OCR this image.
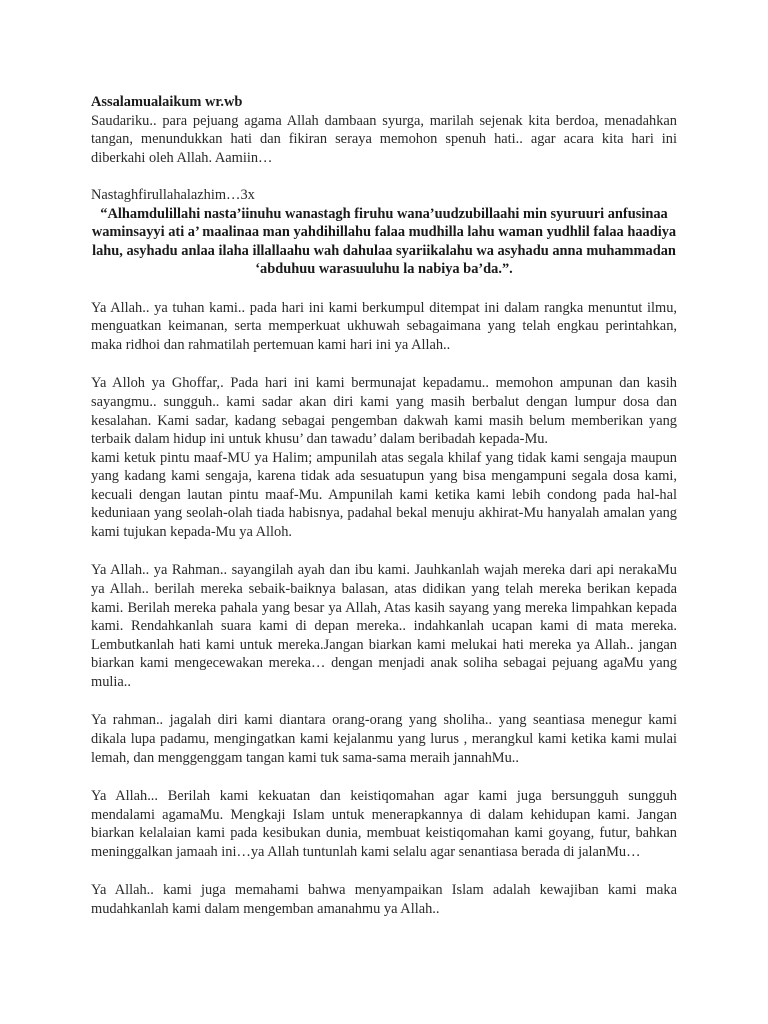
Assalamualaikum wr.wb

Saudariku.. para pejuang agama Allah dambaan syurga, marilah sejenak kita berdoa, menadahkan tangan, menundukkan hati dan fikiran seraya memohon spenuh hati.. agar acara kita hari ini diberkahi oleh Allah. Aamiin…

Nastaghfirullahalazhim…3x

“Alhamdulillahi nasta’iinuhu wanastagh firuhu wana’uudzubillaahi min syuruuri anfusinaa waminsayyi ati a’ maalinaa man yahdihillahu falaa mudhilla lahu waman yudhlil falaa haadiya lahu, asyhadu anlaa ilaha illallaahu wah dahulaa syariikalahu wa asyhadu anna muhammadan ‘abduhuu warasuuluhu la nabiya ba’da.”.

Ya Allah.. ya tuhan kami.. pada hari ini kami berkumpul ditempat ini dalam rangka menuntut ilmu, menguatkan keimanan, serta memperkuat ukhuwah sebagaimana yang telah engkau perintahkan, maka ridhoi dan rahmatilah pertemuan kami hari ini ya Allah..

Ya Alloh ya Ghoffar,. Pada hari ini kami bermunajat kepadamu.. memohon ampunan dan kasih sayangmu.. sungguh.. kami sadar akan diri kami yang masih berbalut dengan lumpur dosa dan kesalahan. Kami sadar, kadang sebagai pengemban dakwah kami masih belum memberikan yang terbaik dalam hidup ini untuk khusu’ dan tawadu’ dalam beribadah kepada-Mu.

kami ketuk pintu maaf-MU ya Halim; ampunilah atas segala khilaf yang tidak kami sengaja maupun yang kadang kami sengaja, karena tidak ada sesuatupun yang bisa mengampuni segala dosa kami, kecuali dengan lautan pintu maaf-Mu. Ampunilah kami ketika kami lebih condong pada hal-hal keduniaan yang seolah-olah tiada habisnya, padahal bekal menuju akhirat-Mu hanyalah amalan yang kami tujukan kepada-Mu ya Alloh.

Ya Allah.. ya Rahman.. sayangilah ayah dan ibu kami. Jauhkanlah wajah mereka dari api nerakaMu ya Allah.. berilah mereka sebaik-baiknya balasan, atas didikan yang telah mereka berikan kepada kami. Berilah mereka pahala yang besar ya Allah, Atas kasih sayang yang mereka limpahkan kepada kami. Rendahkanlah suara kami di depan mereka.. indahkanlah ucapan kami di mata mereka. Lembutkanlah hati kami untuk mereka.Jangan biarkan kami melukai hati mereka ya Allah.. jangan biarkan kami mengecewakan mereka… dengan menjadi anak soliha sebagai pejuang agaMu yang mulia..

Ya rahman.. jagalah diri kami diantara orang-orang yang sholiha.. yang seantiasa menegur kami dikala lupa padamu, mengingatkan kami kejalanmu yang lurus , merangkul kami ketika kami mulai lemah, dan menggenggam tangan kami tuk sama-sama meraih jannahMu..

Ya Allah... Berilah kami kekuatan dan keistiqomahan agar kami juga bersungguh sungguh mendalami agamaMu. Mengkaji Islam untuk menerapkannya di dalam kehidupan kami. Jangan biarkan kelalaian kami pada kesibukan dunia, membuat keistiqomahan kami goyang, futur, bahkan meninggalkan jamaah ini…ya Allah tuntunlah kami selalu agar senantiasa berada di jalanMu…

Ya Allah.. kami juga memahami bahwa menyampaikan Islam adalah kewajiban kami maka mudahkanlah kami dalam mengemban amanahmu ya Allah..
